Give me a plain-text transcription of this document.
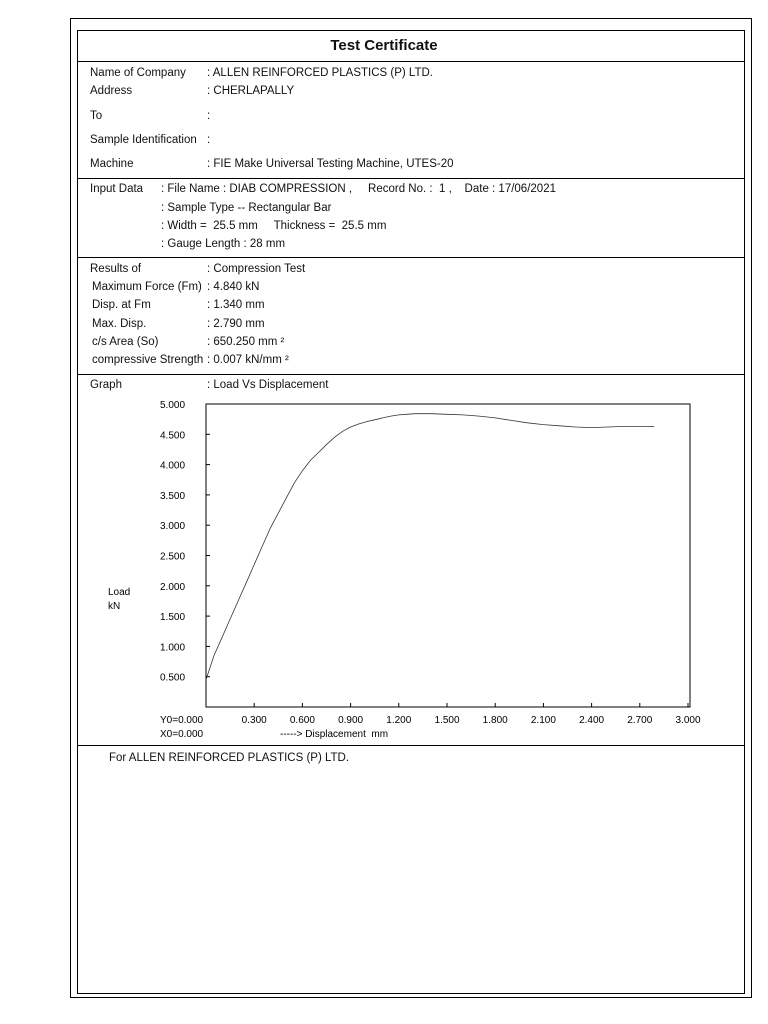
Test Certificate
Name of Company : ALLEN REINFORCED PLASTICS (P) LTD.
Address	: CHERLAPALLY
To	:
Sample Identification :
Machine	: FIE Make Universal Testing Machine, UTES-20
Input Data : File Name : DIAB COMPRESSION ,     Record No. :  1 ,    Date : 17/06/2021
: Sample Type -- Rectangular Bar
: Width =  25.5 mm     Thickness =  25.5 mm
: Gauge Length : 28 mm
Results of	: Compression Test
Maximum Force (Fm) : 4.840 kN
Disp. at Fm	: 1.340 mm
Max. Disp.	: 2.790 mm
c/s Area (So)	: 650.250 mm ²
compressive Strength : 0.007 kN/mm ²
Graph	: Load Vs Displacement
0.500
1.000
1.500
2.000
2.500
3.000
3.500
4.000
4.500
5.000
0.300 0.600 0.900 1.200 1.500 1.800 2.100 2.400 2.700 3.000
Load
kN
Y0=0.000
X0=0.000	-----> Displacement  mm
For ALLEN REINFORCED PLASTICS (P) LTD.
